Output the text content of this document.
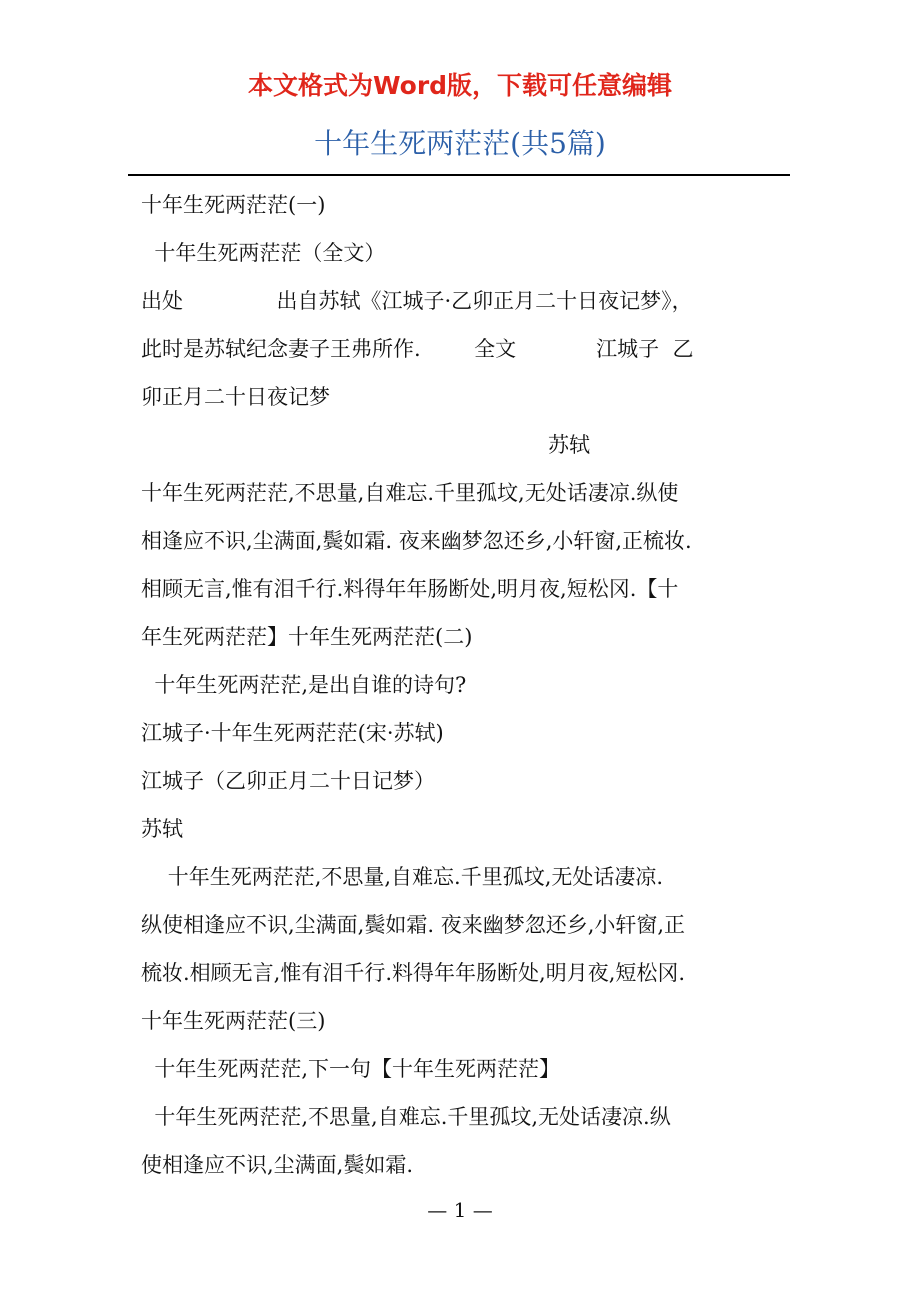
本文格式为Word版，下载可任意编辑
十年生死两茫茫(共5篇)
十年生死两茫茫(一)
十年生死两茫茫（全文）
出处              出自苏轼《江城子·乙卯正月二十日夜记梦》，
此时是苏轼纪念妻子王弗所作.        全文            江城子  乙
卯正月二十日夜记梦
苏轼
十年生死两茫茫,不思量,自难忘.千里孤坟,无处话凄凉.纵使
相逢应不识,尘满面,鬓如霜. 夜来幽梦忽还乡,小轩窗,正梳妆.
相顾无言,惟有泪千行.料得年年肠断处,明月夜,短松冈.【十
年生死两茫茫】十年生死两茫茫(二)
十年生死两茫茫,是出自谁的诗句?
江城子·十年生死两茫茫(宋·苏轼)
江城子（乙卯正月二十日记梦）
苏轼
十年生死两茫茫,不思量,自难忘.千里孤坟,无处话凄凉.
纵使相逢应不识,尘满面,鬓如霜. 夜来幽梦忽还乡,小轩窗,正
梳妆.相顾无言,惟有泪千行.料得年年肠断处,明月夜,短松冈.
十年生死两茫茫(三)
十年生死两茫茫,下一句【十年生死两茫茫】
十年生死两茫茫,不思量,自难忘.千里孤坟,无处话凄凉.纵
使相逢应不识,尘满面,鬓如霜.
— 1 —
